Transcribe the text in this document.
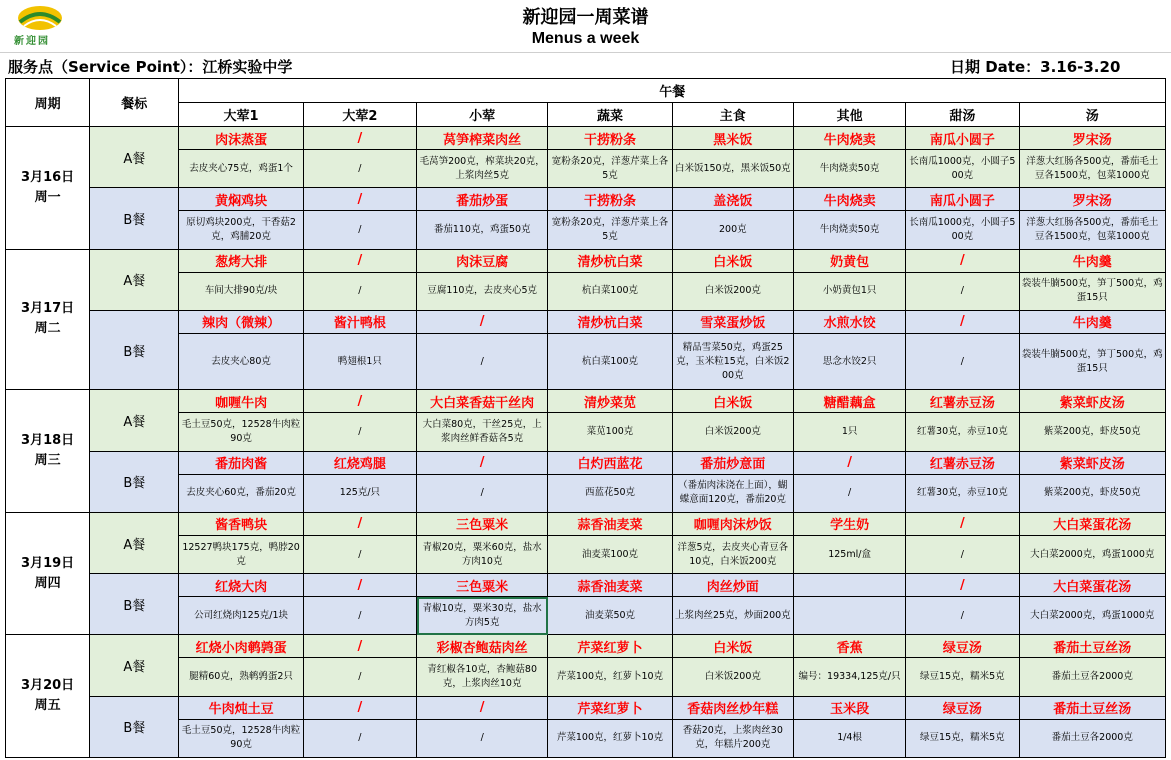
新迎园
新迎园一周菜谱
Menus a week
服务点（Service Point）：江桥实验中学	日期 Date：3.16-3.20
周期	餐标	午餐							
		大荤1	大荤2	小荤	蔬菜	主食	其他	甜汤	汤

3月16日
周一	A餐	肉沫蒸蛋	/	莴笋榨菜肉丝	干捞粉条	黑米饭	牛肉烧卖	南瓜小圆子	罗宋汤
		去皮夹心75克，鸡蛋1个	/	毛莴笋200克，榨菜块20克，上浆肉丝5克	宽粉条20克，洋葱芹菜上各5克	白米饭150克，黑米饭50克	牛肉烧卖50克	长南瓜1000克，小圆子500克	洋葱大红肠各500克，番茄毛土豆各1500克，包菜1000克
	B餐	黄焖鸡块	/	番茄炒蛋	干捞粉条	盖浇饭	牛肉烧卖	南瓜小圆子	罗宋汤
		原切鸡块200克，干香菇2克，鸡脯20克	/	番茄110克，鸡蛋50克	宽粉条20克，洋葱芹菜上各5克	200克	牛肉烧卖50克	长南瓜1000克，小圆子500克	洋葱大红肠各500克，番茄毛土豆各1500克，包菜1000克

3月17日
周二	A餐	葱烤大排	/	肉沫豆腐	清炒杭白菜	白米饭	奶黄包	/	牛肉羹
		车间大排90克/块	/	豆腐110克，去皮夹心5克	杭白菜100克	白米饭200克	小奶黄包1只	/	袋装牛腩500克，笋丁500克，鸡蛋15只
	B餐	辣肉（微辣）	酱汁鸭根	/	清炒杭白菜	雪菜蛋炒饭	水煎水饺	/	牛肉羹
		去皮夹心80克	鸭翅根1只	/	杭白菜100克	精品雪菜50克，鸡蛋25克，玉米粒15克，白米饭200克	思念水饺2只	/	袋装牛腩500克，笋丁500克，鸡蛋15只

3月18日
周三	A餐	咖喱牛肉	/	大白菜香菇干丝肉	清炒菜苋	白米饭	糖醋藕盒	红薯赤豆汤	紫菜虾皮汤
		毛土豆50克，12528牛肉粒90克	/	大白菜80克，干丝25克，上浆肉丝鲜香菇各5克	菜苋100克	白米饭200克	1只	红薯30克，赤豆10克	紫菜200克，虾皮50克
	B餐	番茄肉酱	红烧鸡腿	/	白灼西蓝花	番茄炒意面	/	红薯赤豆汤	紫菜虾皮汤
		去皮夹心60克，番茄20克	125克/只	/	西蓝花50克	（番茄肉沫浇在上面），蝴蝶意面120克，番茄20克	/	红薯30克，赤豆10克	紫菜200克，虾皮50克

3月19日
周四	A餐	酱香鸭块	/	三色粟米	蒜香油麦菜	咖喱肉沫炒饭	学生奶	/	大白菜蛋花汤
		12527鸭块175克，鸭脖20克	/	青椒20克，粟米60克，盐水方肉10克	油麦菜100克	洋葱5克，去皮夹心青豆各10克，白米饭200克	125ml/盒	/	大白菜2000克，鸡蛋1000克
	B餐	红烧大肉	/	三色粟米	蒜香油麦菜	肉丝炒面		/	大白菜蛋花汤
		公司红烧肉125克/1块	/	青椒10克，粟米30克，盐水方肉5克	油麦菜50克	上浆肉丝25克，炒面200克		/	大白菜2000克，鸡蛋1000克

3月20日
周五	A餐	红烧小肉鹌鹑蛋	/	彩椒杏鲍菇肉丝	芹菜红萝卜	白米饭	香蕉	绿豆汤	番茄土豆丝汤
		腿精60克，熟鹌鹑蛋2只	/	青红椒各10克，杏鲍菇80克，上浆肉丝10克	芹菜100克，红萝卜10克	白米饭200克	编号：19334,125克/只	绿豆15克，糯米5克	番茄土豆各2000克
	B餐	牛肉炖土豆	/	/	芹菜红萝卜	香菇肉丝炒年糕	玉米段	绿豆汤	番茄土豆丝汤
		毛土豆50克，12528牛肉粒90克	/	/	芹菜100克，红萝卜10克	香菇20克，上浆肉丝30克，年糕片200克	1/4根	绿豆15克，糯米5克	番茄土豆各2000克
